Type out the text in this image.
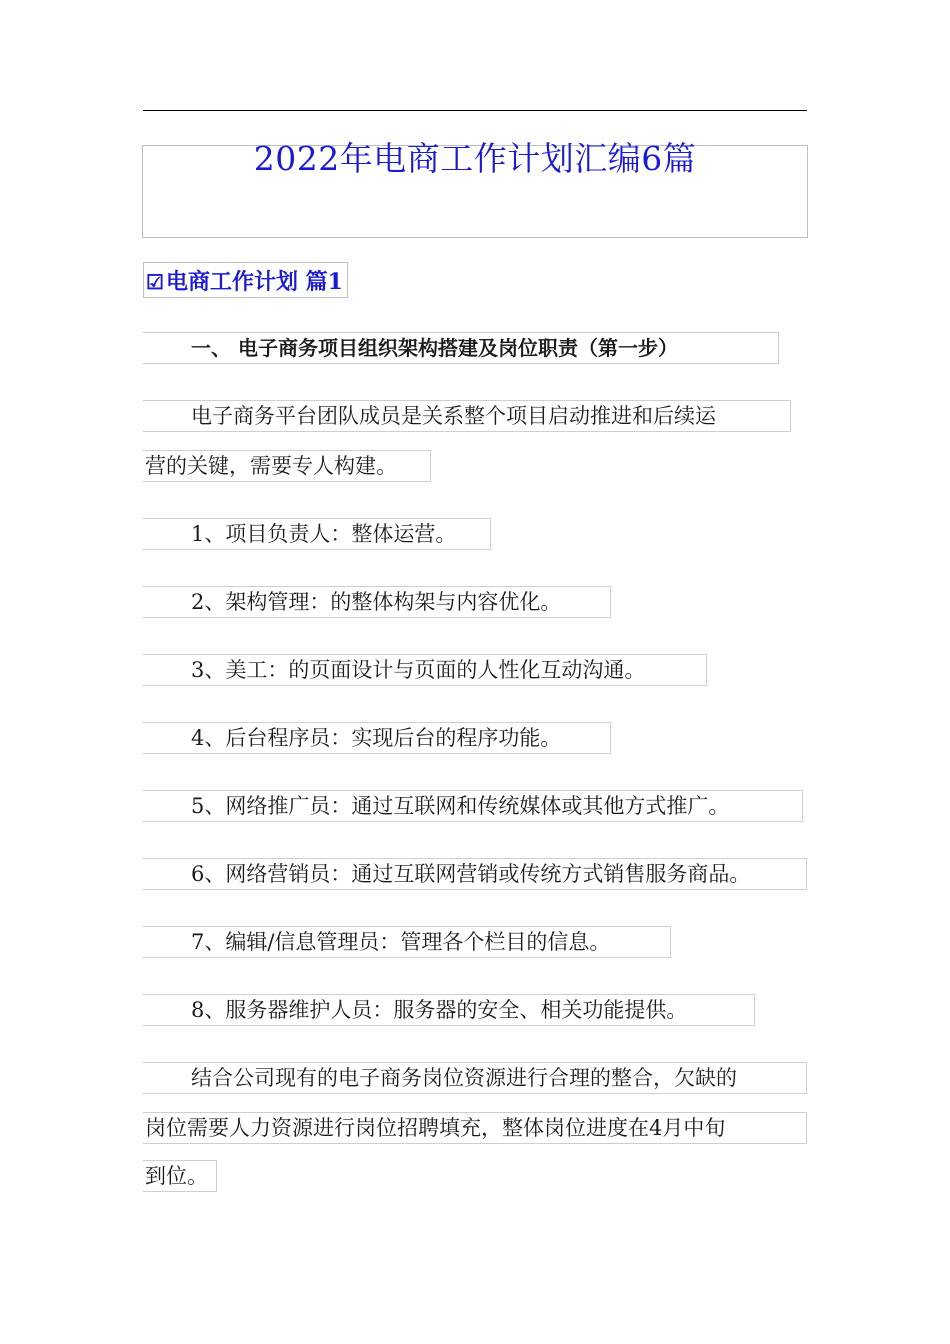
2022年电商工作计划汇编6篇
☑ 电商工作计划 篇1
一、 电子商务项目组织架构搭建及岗位职责（第一步）
电子商务平台团队成员是关系整个项目启动推进和后续运
营的关键，需要专人构建。
1、项目负责人：整体运营。
2、架构管理：的整体构架与内容优化。
3、美工：的页面设计与页面的人性化互动沟通。
4、后台程序员：实现后台的程序功能。
5、网络推广员：通过互联网和传统媒体或其他方式推广。
6、网络营销员：通过互联网营销或传统方式销售服务商品。
7、编辑/信息管理员：管理各个栏目的信息。
8、服务器维护人员：服务器的安全、相关功能提供。
结合公司现有的电子商务岗位资源进行合理的整合，欠缺的
岗位需要人力资源进行岗位招聘填充，整体岗位进度在4月中旬
到位。
